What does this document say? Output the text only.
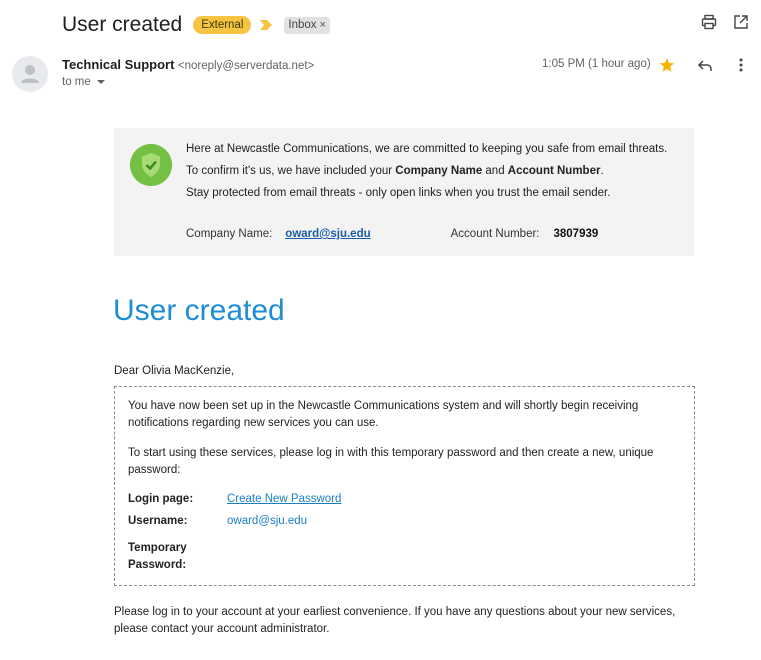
User created	External	Inbox ×
Technical Support <noreply@serverdata.net>
to me
1:05 PM (1 hour ago)

Here at Newcastle Communications, we are committed to keeping you safe from email threats.

To confirm it's us, we have included your Company Name and Account Number.

Stay protected from email threats - only open links when you trust the email sender.

Company Name: oward@sju.edu	Account Number: 3807939
User created

Dear Olivia MacKenzie,

You have now been set up in the Newcastle Communications system and will shortly begin receiving notifications regarding new services you can use.

To start using these services, please log in with this temporary password and then create a new, unique password:

Login page:	Create New Password
Username:	oward@sju.edu
Temporary
Password:

Please log in to your account at your earliest convenience. If you have any questions about your new services, please contact your account administrator.
